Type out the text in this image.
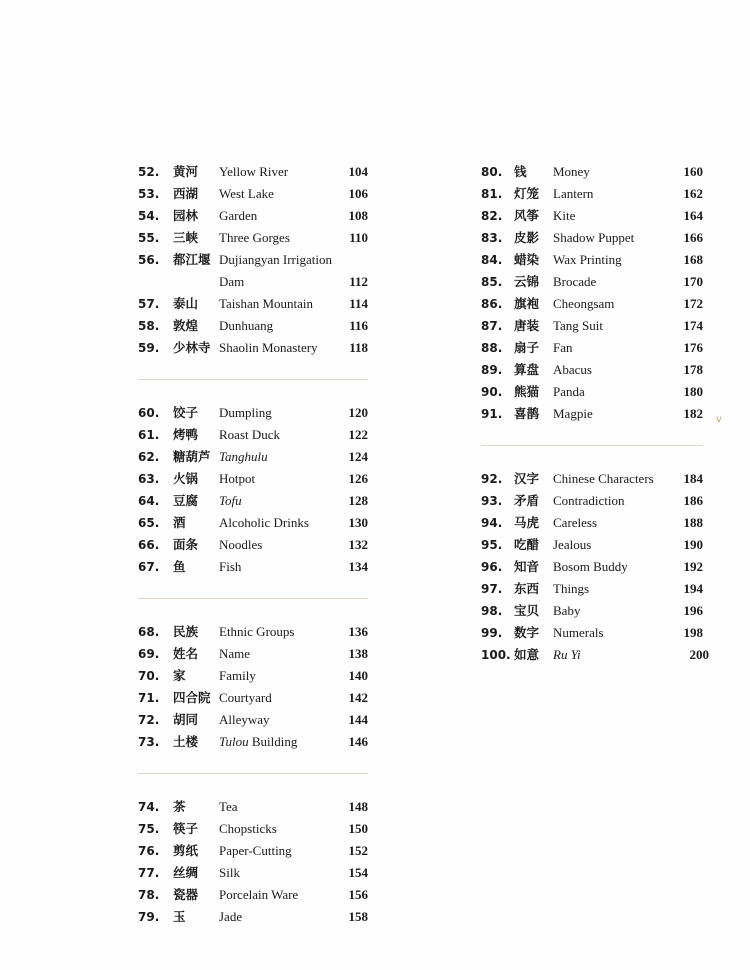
52. 黄河 Yellow River	104
53. 西湖 West Lake	106
54. 园林 Garden	108
55. 三峡 Three Gorges	110
56. 都江堰 Dujiangyan Irrigation
Dam	112
57. 泰山 Taishan Mountain	114
58. 敦煌 Dunhuang	116
59. 少林寺 Shaolin Monastery 118
60. 饺子 Dumpling	120
61. 烤鸭 Roast Duck	122
62. 糖葫芦 Tanghulu	124
63. 火锅 Hotpot	126
64. 豆腐 Tofu	128
65. 酒	Alcoholic Drinks	130
66. 面条 Noodles	132
67. 鱼	Fish	134
68. 民族 Ethnic Groups	136
69. 姓名 Name	138
70. 家	Family	140
71. 四合院 Courtyard	142
72. 胡同 Alleyway	144
73. 土楼 Tulou Building	146
74. 茶	Tea	148
75. 筷子 Chopsticks	150
76. 剪纸 Paper-Cutting	152
77. 丝绸 Silk	154
78. 瓷器 Porcelain Ware	156
79. 玉	Jade	158
80. 钱 Money	160
81. 灯笼 Lantern	162
82. 风筝 Kite	164
83. 皮影 Shadow Puppet	166
84. 蜡染 Wax Printing	168
85. 云锦 Brocade	170
86. 旗袍 Cheongsam	172
87. 唐装 Tang Suit	174
88. 扇子 Fan	176
89. 算盘 Abacus	178
90. 熊猫 Panda	180
91. 喜鹊 Magpie	182
92. 汉字 Chinese Characters 184
93. 矛盾 Contradiction	186
94. 马虎 Careless	188
95. 吃醋 Jealous	190
96. 知音 Bosom Buddy	192
97. 东西 Things	194
98. 宝贝 Baby	196
99. 数字 Numerals	198
100. 如意 Ru Yi	200
v
